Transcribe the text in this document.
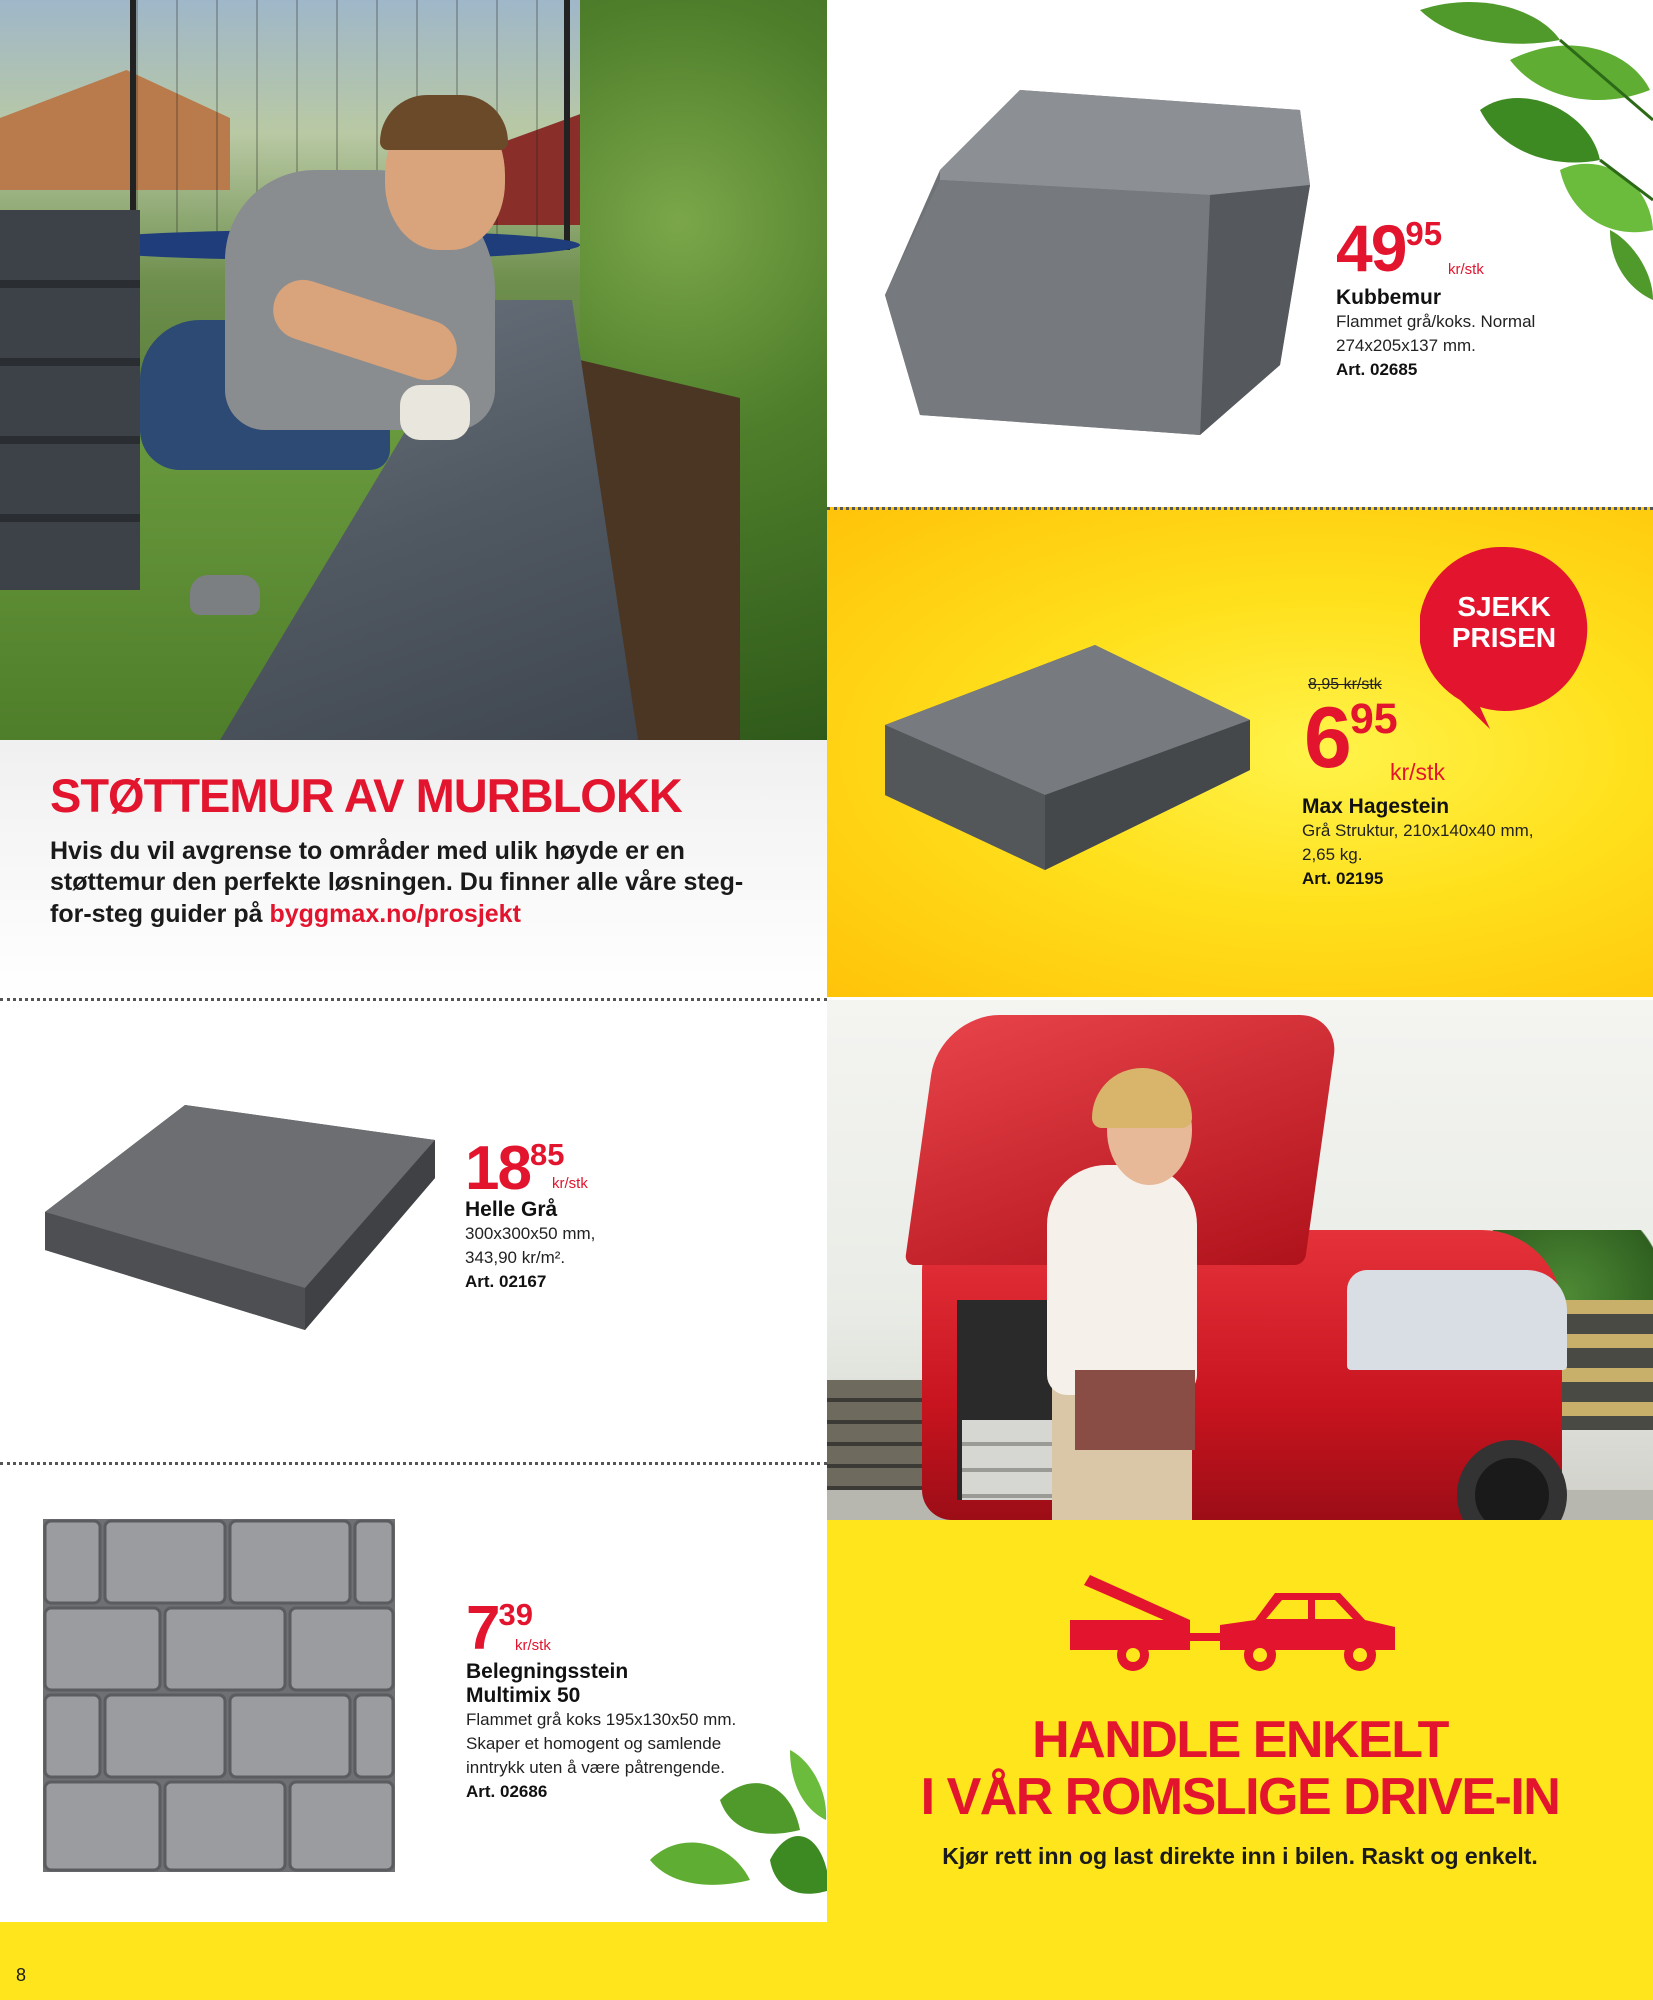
STØTTEMUR AV MURBLOKK
Hvis du vil avgrense to områder med ulik høyde er en støttemur den perfekte løsningen. Du finner alle våre steg-for-steg guider på byggmax.no/prosjekt
$49^{95}$
kr/stk
Kubbemur
Flammet grå/koks. Normal
274x205x137 mm.
Art. 02685
SJEKK
PRISEN
8,95 kr/stk
$6^{95}$
kr/stk
Max Hagestein
Grå Struktur, 210x140x40 mm,
2,65 kg.
Art. 02195
$18^{85}$
kr/stk
Helle Grå
300x300x50 mm,
343,90 kr/m².
Art. 02167
$7^{39}$
kr/stk
Belegningsstein
Multimix 50
Flammet grå koks 195x130x50 mm.
Skaper et homogent og samlende
inntrykk uten å være påtrengende.
Art. 02686
HANDLE ENKELT
I VÅR ROMSLIGE DRIVE-IN
Kjør rett inn og last direkte inn i bilen. Raskt og enkelt.
8
